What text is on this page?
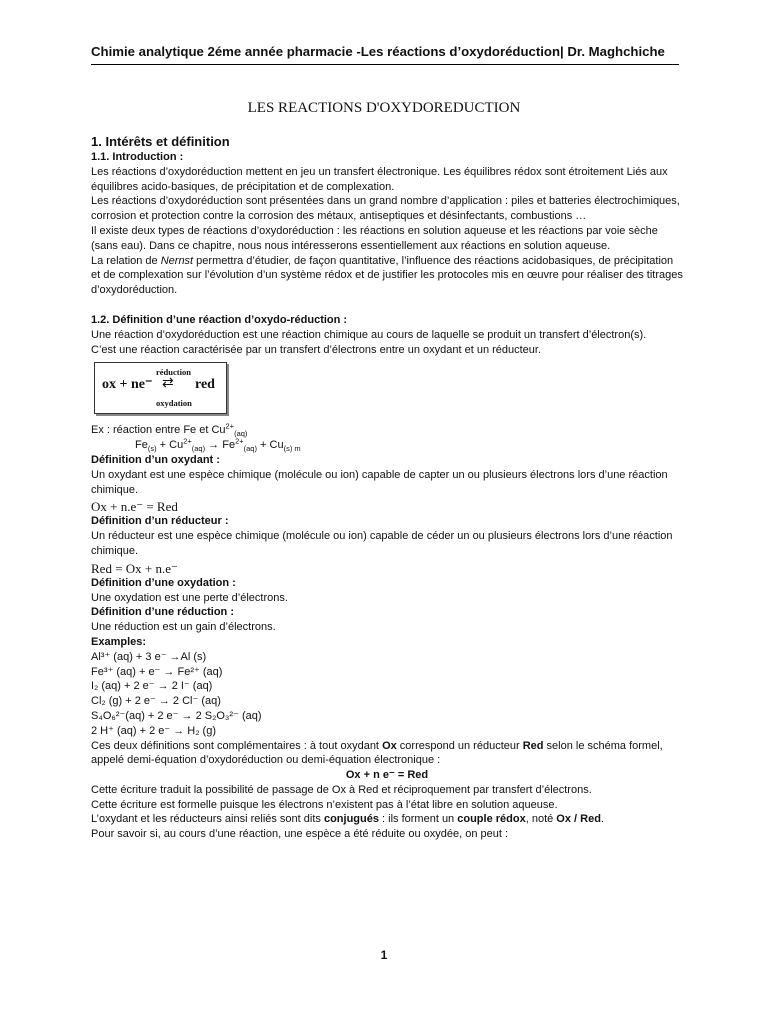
Chimie analytique 2éme année pharmacie -Les réactions d’oxydoréduction| Dr. Maghchiche
LES REACTIONS D'OXYDOREDUCTION

1. Intérêts et définition

1.1. Introduction :

Les réactions d’oxydoréduction mettent en jeu un transfert électronique. Les équilibres rédox sont étroitement Liés aux équilibres acido-basiques, de précipitation et de complexation.

Les réactions d’oxydoréduction sont présentées dans un grand nombre d’application : piles et batteries électrochimiques, corrosion et protection contre la corrosion des métaux, antiseptiques et désinfectants, combustions …

Il existe deux types de réactions d’oxydoréduction : les réactions en solution aqueuse et les réactions par voie sèche (sans eau). Dans ce chapitre, nous nous intéresserons essentiellement aux réactions en solution aqueuse.

La relation de Nernst permettra d’étudier, de façon quantitative, l’influence des réactions acidobasiques, de précipitation et de complexation sur l’évolution d’un système rédox et de justifier les protocoles mis en œuvre pour réaliser des titrages d’oxydoréduction.

1.2. Définition d’une réaction d’oxydo-réduction :

Une réaction d’oxydoréduction est une réaction chimique au cours de laquelle se produit un transfert d’électron(s).

C’est une réaction caractérisée par un transfert d’électrons entre un oxydant et un réducteur.

ox + ne⁻
réduction
⇄
oxydation
red

Ex : réaction entre Fe et $Cu^{2+}_{(aq)}$

$Fe_{(s)} + Cu^{2+}_{(aq)} \to Fe^{2+}_{(aq)} + Cu_{(s) m}$

Définition d’un oxydant :

Un oxydant est une espèce chimique (molécule ou ion) capable de capter un ou plusieurs électrons lors d’une réaction chimique.

Ox + n.e⁻ = Red

Définition d’un réducteur :

Un réducteur est une espèce chimique (molécule ou ion) capable de céder un ou plusieurs électrons lors d’une réaction chimique.

Red = Ox + n.e⁻

Définition d’une oxydation :

Une oxydation est une perte d’électrons.

Définition d’une réduction :

Une réduction est un gain d’électrons.

Examples:

Al³⁺ (aq) + 3 e⁻ →Al (s)

Fe³⁺ (aq) + e⁻ → Fe²⁺ (aq)

I₂ (aq) + 2 e⁻ → 2 I⁻ (aq)

Cl₂ (g) + 2 e⁻ → 2 Cl⁻ (aq)

S₄O₆²⁻(aq) + 2 e⁻ → 2 S₂O₃²⁻ (aq)

2 H⁺ (aq) + 2 e⁻ → H₂ (g)

Ces deux définitions sont complémentaires : à tout oxydant Ox correspond un réducteur Red selon le schéma formel, appelé demi-équation d’oxydoréduction ou demi-équation électronique :

Ox + n e⁻ = Red

Cette écriture traduit la possibilité de passage de Ox à Red et réciproquement par transfert d’électrons.

Cette écriture est formelle puisque les électrons n’existent pas à l’état libre en solution aqueuse.

L’oxydant et les réducteurs ainsi reliés sont dits conjugués : ils forment un couple rédox, noté Ox / Red.

Pour savoir si, au cours d’une réaction, une espèce a été réduite ou oxydée, on peut :

1
